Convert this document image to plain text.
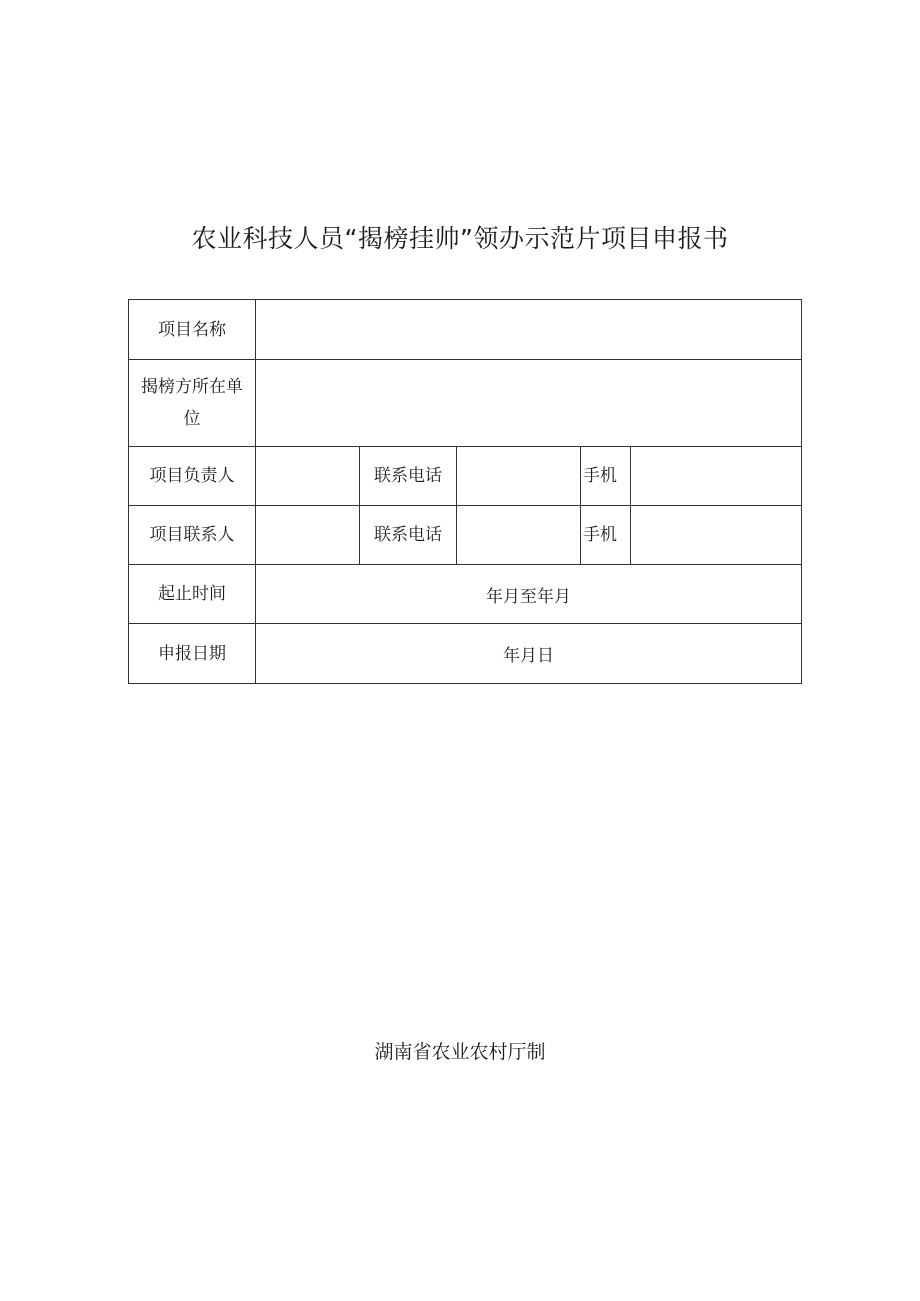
农业科技人员“揭榜挂帅”领办示范片项目申报书
项目名称					
揭榜方所在单位					
项目负责人		联系电话		手机	
项目联系人		联系电话		手机	
起止时间	年月至年月				
申报日期	年月日				
湖南省农业农村厅制
